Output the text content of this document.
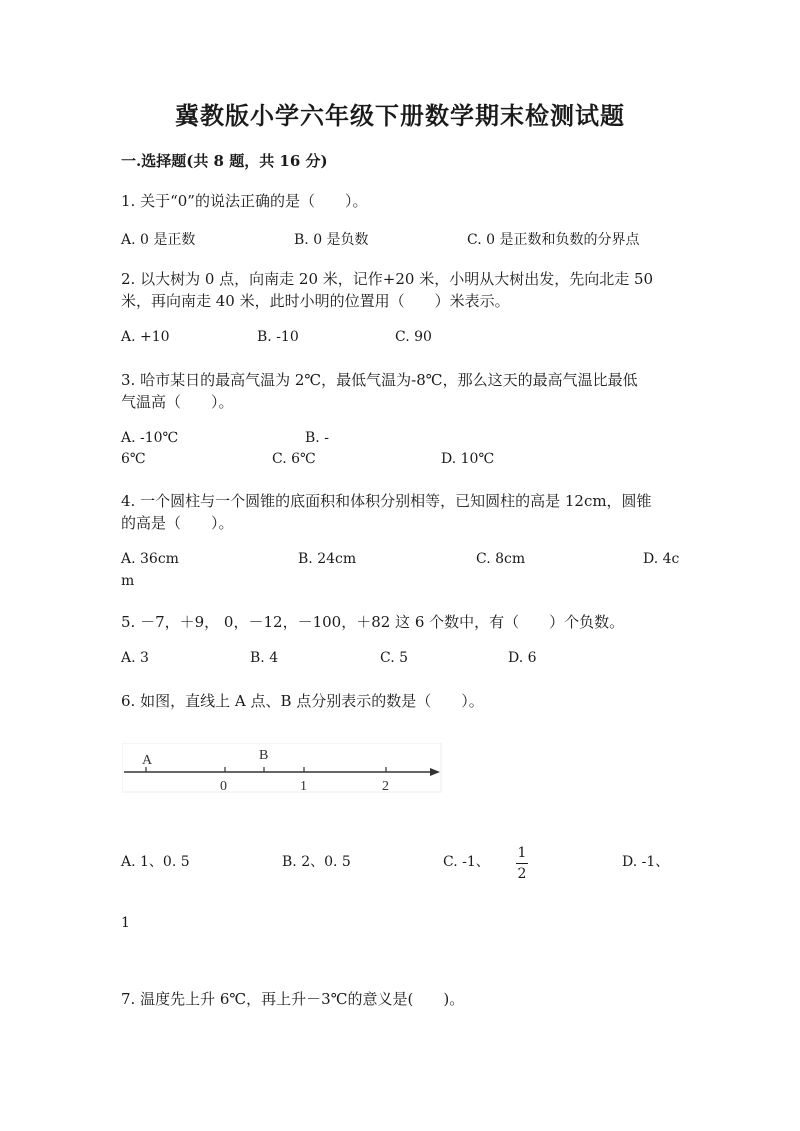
冀教版小学六年级下册数学期末检测试题
一.选择题(共 8 题，共 16 分)
1. 关于“0”的说法正确的是（　　）。
A. 0 是正数	B. 0 是负数	C. 0 是正数和负数的分界点
2. 以大树为 0 点，向南走 20 米，记作+20 米，小明从大树出发，先向北走 50
米，再向南走 40 米，此时小明的位置用（　　）米表示。
A. +10	B. -10	C. 90
3. 哈市某日的最高气温为 2℃，最低气温为-8℃，那么这天的最高气温比最低
气温高（　　）。
A. -10℃	B. -
6℃	C. 6℃	D. 10℃
4. 一个圆柱与一个圆锥的底面积和体积分别相等，已知圆柱的高是 12cm，圆锥
的高是（　　）。
A. 36cm	B. 24cm	C. 8cm	D. 4c
m
5. －7，＋9， 0，－12，－100，＋82 这 6 个数中，有（　　）个负数。
A. 3	B. 4	C. 5	D. 6
6. 如图，直线上 A 点、B 点分别表示的数是（　　）。
A	B
0	1	2
A. 1、0. 5	B. 2、0. 5	C. -1、
1
2
D. -1、
1
7. 温度先上升 6℃，再上升－3℃的意义是(　　)。
